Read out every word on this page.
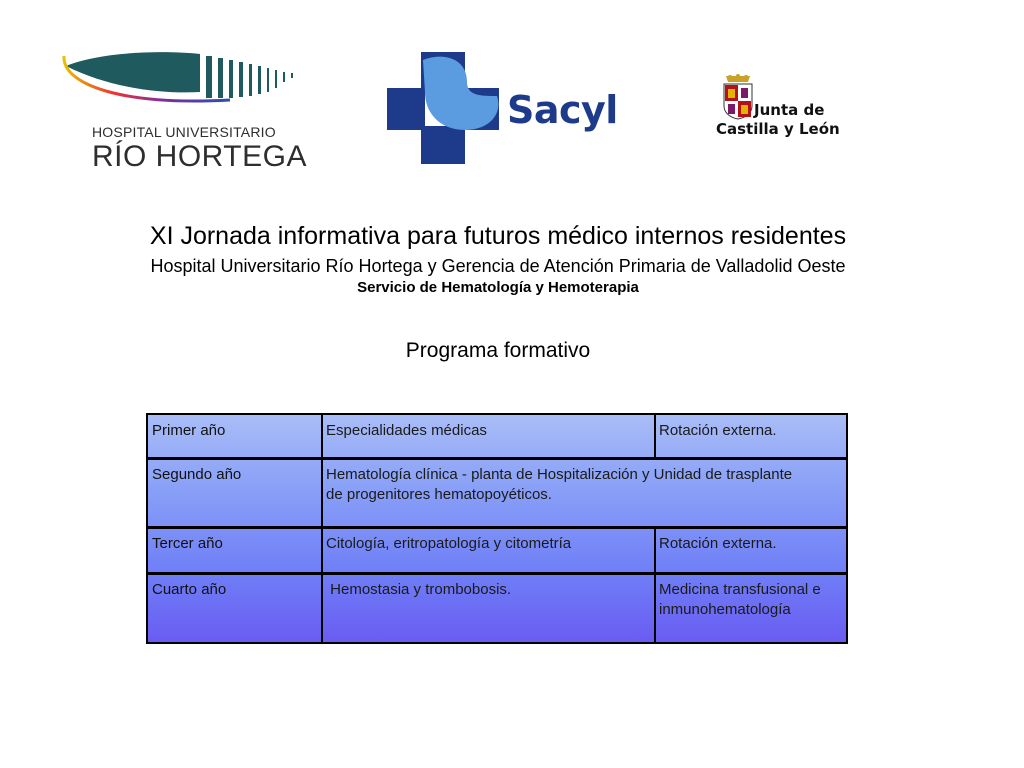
HOSPITAL UNIVERSITARIO
RÍO HORTEGA
Sacyl	Junta de
Castilla y León
XI Jornada informativa para futuros médico internos residentes
Hospital Universitario Río Hortega y Gerencia de Atención Primaria de Valladolid Oeste
Servicio de Hematología y Hemoterapia
Programa formativo
Primer año	Especialidades médicas	Rotación externa.
Segundo año	Hematología clínica - planta de Hospitalización y Unidad de trasplante de progenitores hematopoyéticos.
Tercer año	Citología, eritropatología y citometría	Rotación externa.
Cuarto año	Hemostasia y trombobosis.	Medicina transfusional e inmunohematología
